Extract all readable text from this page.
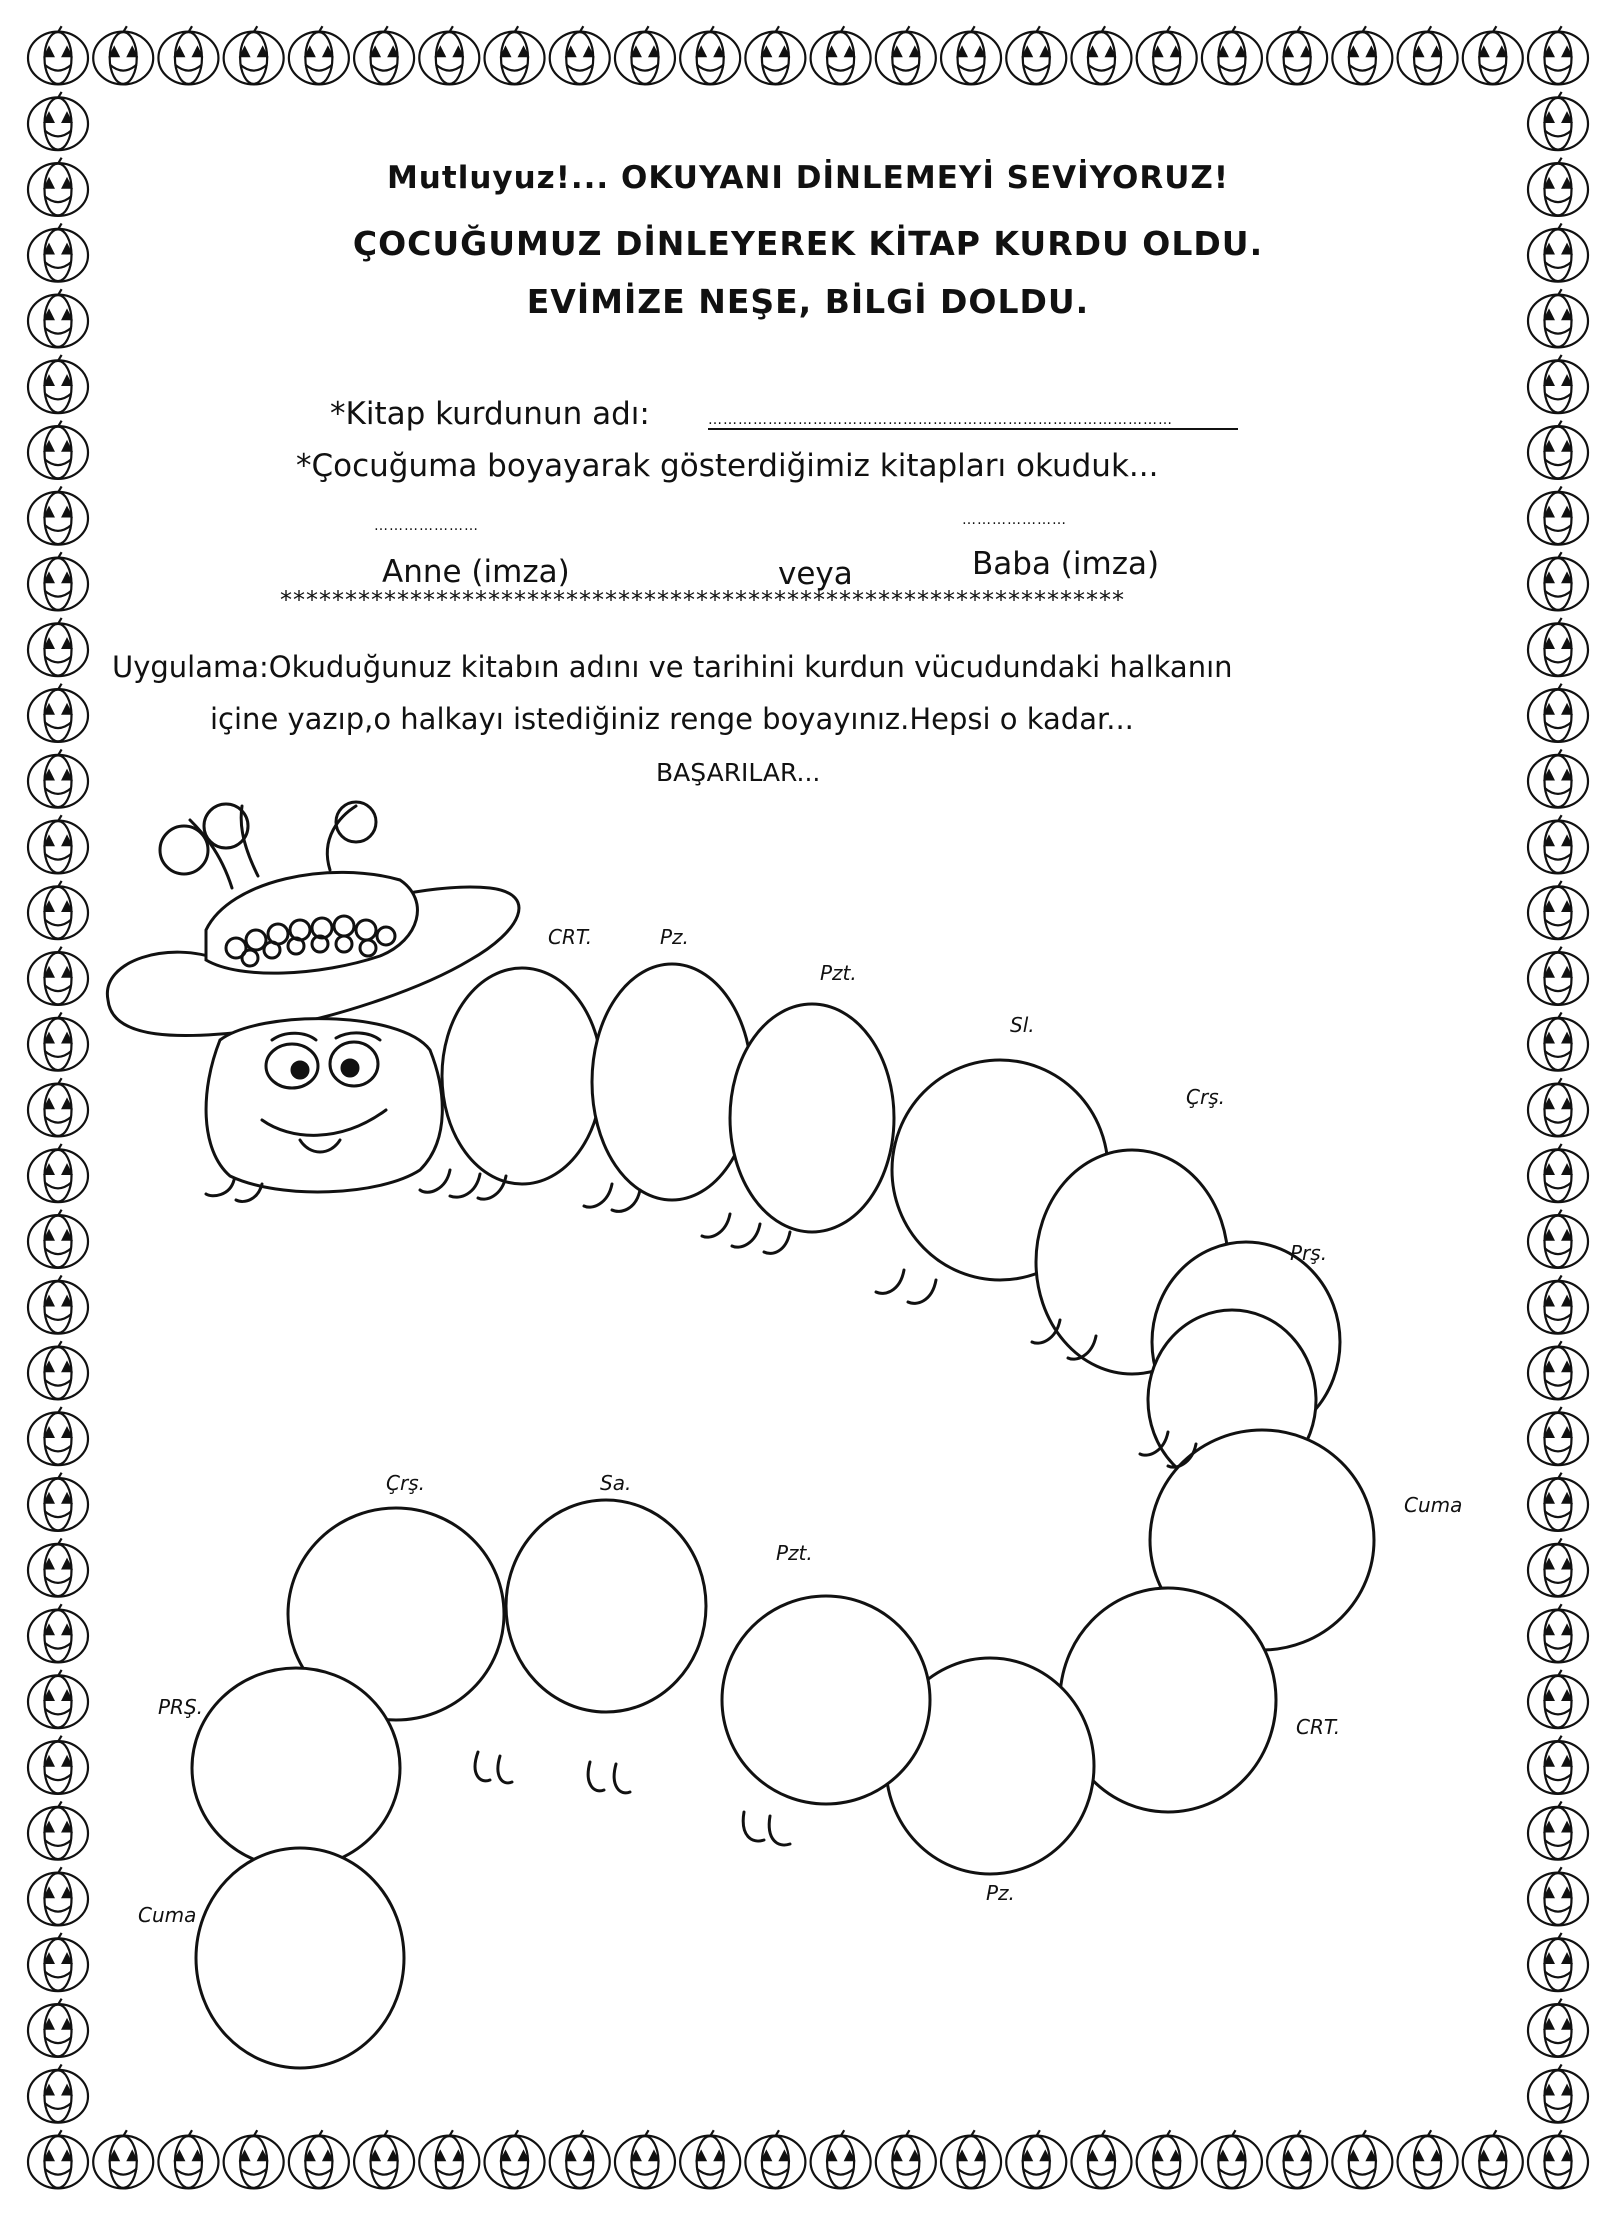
Mutluyuz!... OKUYANI DİNLEMEYİ SEVİYORUZ!
ÇOCUĞUMUZ DİNLEYEREK KİTAP KURDU OLDU.
EVİMİZE NEŞE, BİLGİ DOLDU.
*Kitap kurdunun adı:	…………………………………………………………………………………
*Çocuğuma boyayarak gösterdiğimiz kitapları okuduk...
…………………	…………………
Anne (imza)	veya	Baba (imza)
*****************************************************************
Uygulama:Okuduğunuz kitabın adını ve tarihini kurdun vücudundaki halkanın
içine yazıp,o halkayı istediğiniz renge boyayınız.Hepsi o kadar...
BAŞARILAR...
CRT.	Pz.
Pzt.
Sl.
Çrş.
Prş.
Cuma
CRT.
Pz.
Pzt.
Sa.
Çrş.
PRŞ.
Cuma
